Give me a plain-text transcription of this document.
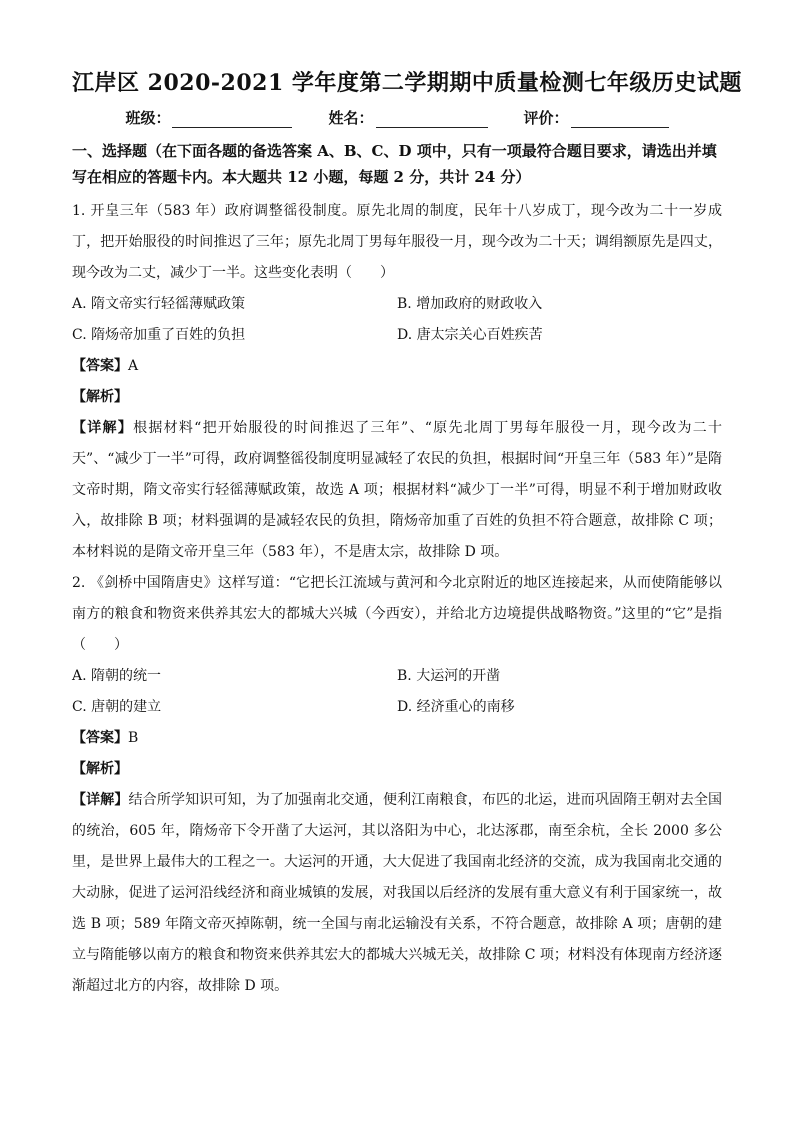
江岸区 2020-2021 学年度第二学期期中质量检测七年级历史试题
班级：	姓名：	评价：
一、选择题（在下面各题的备选答案 A、B、C、D 项中，只有一项最符合题目要求，请选出并填写在相应的答题卡内。本大题共 12 小题，每题 2 分，共计 24 分）

1. 开皇三年（583 年）政府调整徭役制度。原先北周的制度，民年十八岁成丁，现今改为二十一岁成丁，把开始服役的时间推迟了三年；原先北周丁男每年服役一月，现今改为二十天；调绢额原先是四丈，现今改为二丈，减少丁一半。这些变化表明（　　）

A. 隋文帝实行轻徭薄赋政策	B. 增加政府的财政收入
C. 隋炀帝加重了百姓的负担	D. 唐太宗关心百姓疾苦
【答案】A
【解析】

【详解】根据材料“把开始服役的时间推迟了三年”、“原先北周丁男每年服役一月，现今改为二十天”、“减少丁一半”可得，政府调整徭役制度明显减轻了农民的负担，根据时间“开皇三年（583 年）”是隋文帝时期，隋文帝实行轻徭薄赋政策，故选 A 项；根据材料“减少丁一半”可得，明显不利于增加财政收入，故排除 B 项；材料强调的是减轻农民的负担，隋炀帝加重了百姓的负担不符合题意，故排除 C 项；本材料说的是隋文帝开皇三年（583 年），不是唐太宗，故排除 D 项。

2. 《剑桥中国隋唐史》这样写道：“它把长江流域与黄河和今北京附近的地区连接起来，从而使隋能够以南方的粮食和物资来供养其宏大的都城大兴城（今西安），并给北方边境提供战略物资。”这里的“它”是指（　　）

A. 隋朝的统一	B. 大运河的开凿
C. 唐朝的建立	D. 经济重心的南移
【答案】B
【解析】

【详解】结合所学知识可知，为了加强南北交通，便利江南粮食，布匹的北运，进而巩固隋王朝对去全国的统治，605 年，隋炀帝下令开凿了大运河，其以洛阳为中心，北达涿郡，南至余杭，全长 2000 多公里，是世界上最伟大的工程之一。大运河的开通，大大促进了我国南北经济的交流，成为我国南北交通的大动脉，促进了运河沿线经济和商业城镇的发展，对我国以后经济的发展有重大意义有利于国家统一，故选 B 项；589 年隋文帝灭掉陈朝，统一全国与南北运输没有关系，不符合题意，故排除 A 项；唐朝的建立与隋能够以南方的粮食和物资来供养其宏大的都城大兴城无关，故排除 C 项；材料没有体现南方经济逐渐超过北方的内容，故排除 D 项。
